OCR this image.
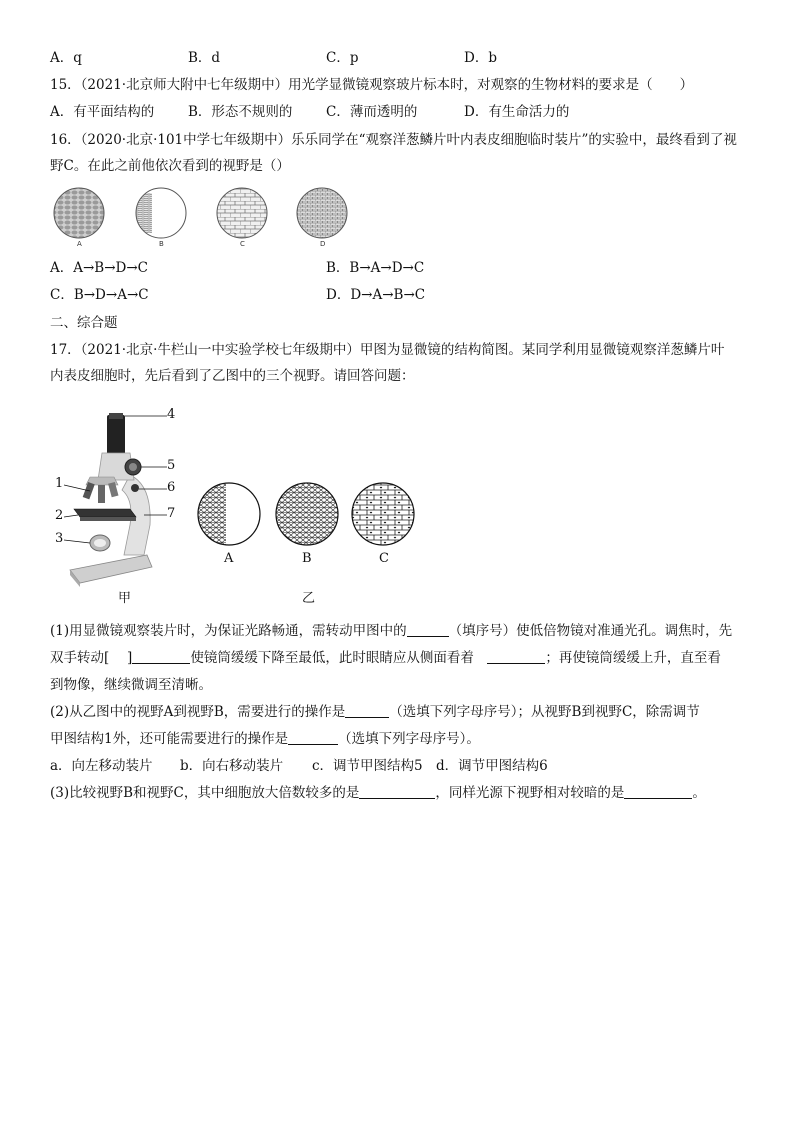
A．q	B．d	C．p	D．b
15．（2021·北京师大附中七年级期中）用光学显微镜观察玻片标本时，对观察的生物材料的要求是（　　）
A．有平面结构的	B．形态不规则的 C．薄而透明的	D．有生命活力的
16．（2020·北京·101中学七年级期中）乐乐同学在“观察洋葱鳞片叶内表皮细胞临时装片”的实验中，最终看到了视
野C。在此之前他依次看到的视野是（）
A	B	C	D
A．A→B→D→C	B．B→A→D→C
C．B→D→A→C	D．D→A→B→C
二、综合题
17．（2021·北京·牛栏山一中实验学校七年级期中）甲图为显微镜的结构简图。某同学利用显微镜观察洋葱鳞片叶
内表皮细胞时，先后看到了乙图中的三个视野。请回答问题：
4
5
6
7
1
2
3
甲
A	B	C
乙
(1)用显微镜观察装片时，为保证光路畅通，需转动甲图中的	（填序号）使低倍物镜对准通光孔。调焦时，先
双手转动[　 ]	使镜筒缓缓下降至最低，此时眼睛应从侧面看着 	；再使镜筒缓缓上升，直至看
到物像，继续微调至清晰。
(2)从乙图中的视野A到视野B，需要进行的操作是	（选填下列字母序号）；从视野B到视野C，除需调节
甲图结构1外，还可能需要进行的操作是	（选填下列字母序号）。
a．向左移动装片 b．向右移动装片 c．调节甲图结构5 d．调节甲图结构6
(3)比较视野B和视野C，其中细胞放大倍数较多的是	，同样光源下视野相对较暗的是	。
